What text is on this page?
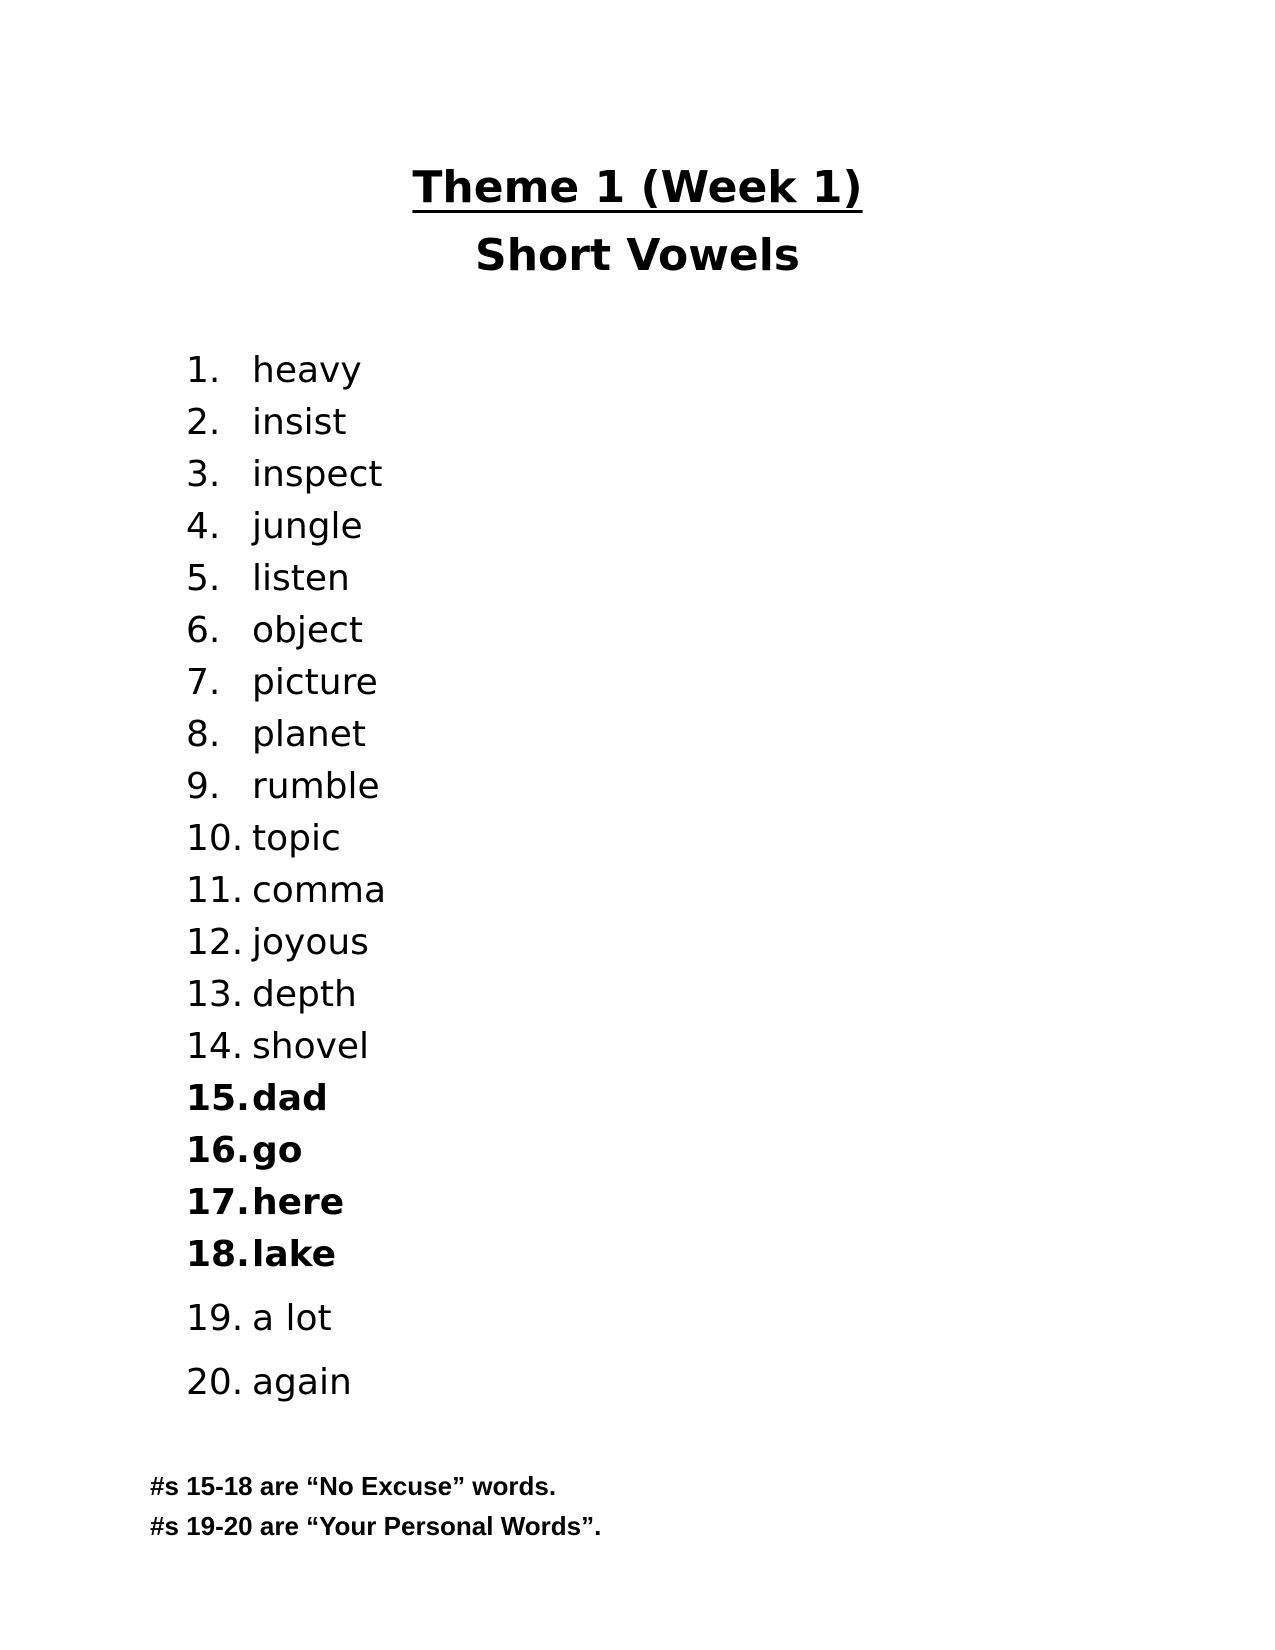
Theme 1 (Week 1)
Short Vowels
1. heavy
2. insist
3. inspect
4. jungle
5. listen
6. object
7. picture
8. planet
9. rumble
10. topic
11. comma
12. joyous
13. depth
14. shovel
15. dad
16. go
17. here
18. lake
19. a lot
20. again
#s 15-18 are “No Excuse” words.
#s 19-20 are “Your Personal Words”.
